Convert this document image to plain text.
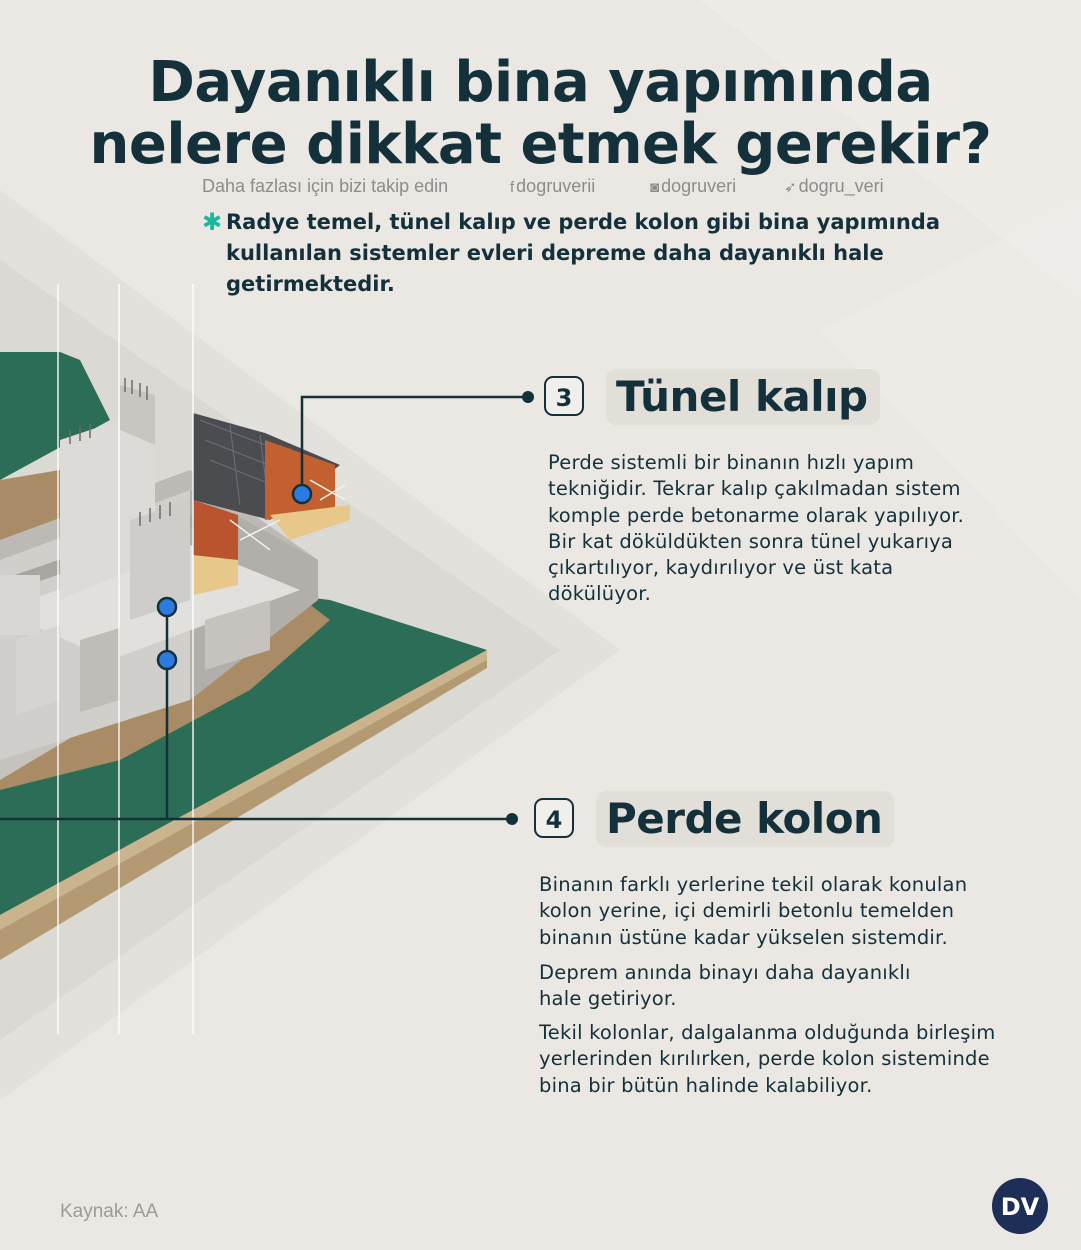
Dayanıklı bina yapımında
nelere dikkat etmek gerekir?
Daha fazlası için bizi takip edin	f dogruverii	◙ dogruveri	➶ dogru_veri
✱ Radye temel, tünel kalıp ve perde kolon gibi bina yapımında kullanılan sistemler evleri depreme daha dayanıklı hale getirmektedir.
3 Tünel kalıp

Perde sistemli bir binanın hızlı yapım tekniğidir. Tekrar kalıp çakılmadan sistem komple perde betonarme olarak yapılıyor. Bir kat döküldükten sonra tünel yukarıya çıkartılıyor, kaydırılıyor ve üst kata dökülüyor.

4 Perde kolon

Binanın farklı yerlerine tekil olarak konulan kolon yerine, içi demirli betonlu temelden binanın üstüne kadar yükselen sistemdir.

Deprem anında binayı daha dayanıklı hale getiriyor.

Tekil kolonlar, dalgalanma olduğunda birleşim yerlerinden kırılırken, perde kolon sisteminde bina bir bütün halinde kalabiliyor.

Kaynak: AA	DV
